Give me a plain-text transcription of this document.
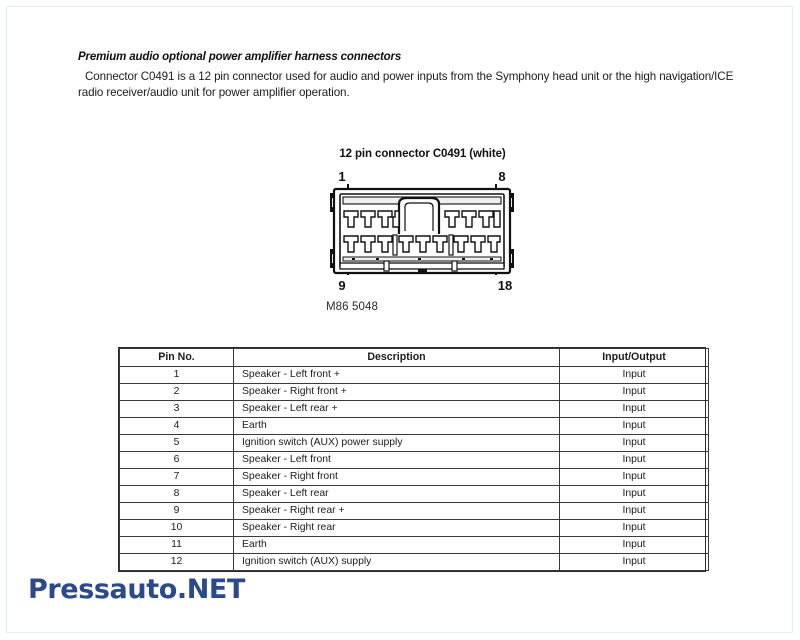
Premium audio optional power amplifier harness connectors

Connector C0491 is a 12 pin connector used for audio and power inputs from the Symphony head unit or the high navigation/ICE radio receiver/audio unit for power amplifier operation.

12 pin connector C0491 (white)

1	8
9	18

M86 5048

Pin No.	Description	Input/Output
1	Speaker - Left front +	Input
2	Speaker - Right front +	Input
3	Speaker - Left rear +	Input
4	Earth	Input
5	Ignition switch (AUX) power supply	Input
6	Speaker - Left front	Input
7	Speaker - Right front	Input
8	Speaker - Left rear	Input
9	Speaker - Right rear +	Input
10	Speaker - Right rear	Input
11	Earth	Input
12	Ignition switch (AUX) supply	Input
Pressauto.NET
